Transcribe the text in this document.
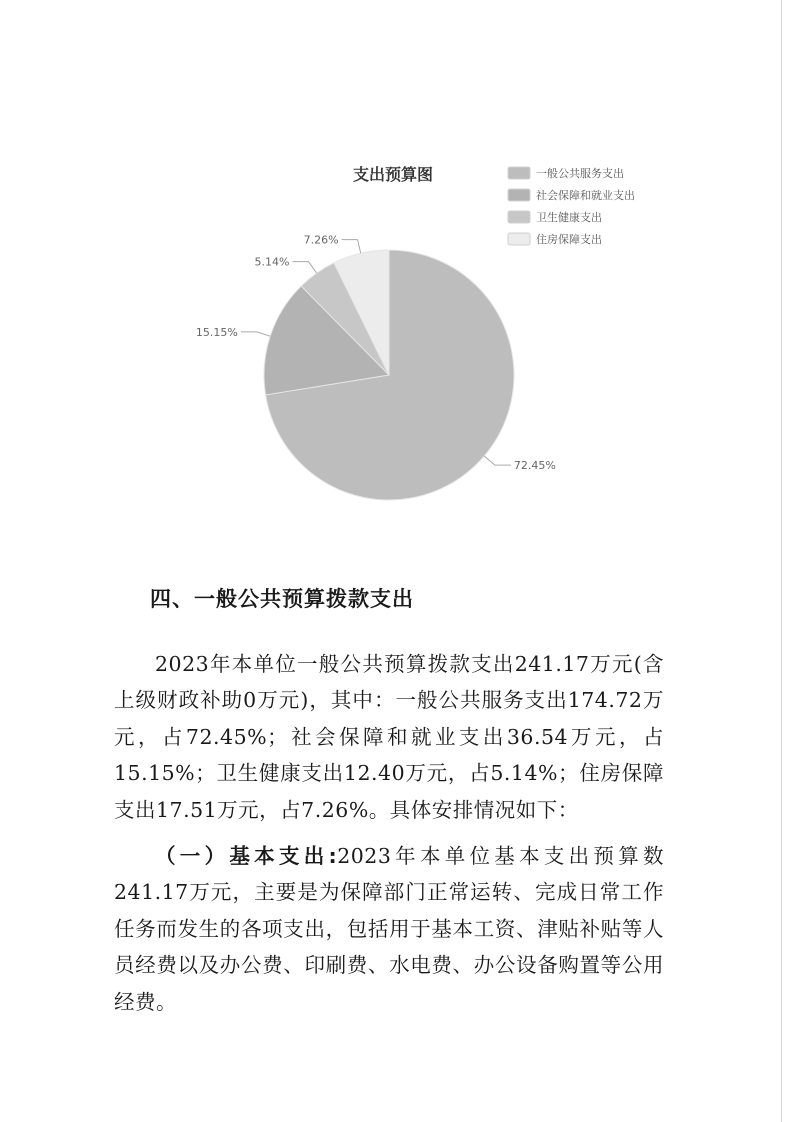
支出预算图
72.45%
15.15%
5.14%
7.26%
一般公共服务支出
社会保障和就业支出
卫生健康支出
住房保障支出
四、一般公共预算拨款支出

2023年本单位一般公共预算拨款支出241.17万元(含上级财政补助0万元)，其中：一般公共服务支出174.72万元，占72.45%；社会保障和就业支出36.54万元，占15.15%；卫生健康支出12.40万元，占5.14%；住房保障支出17.51万元，占7.26%。具体安排情况如下：

（一）基本支出:2023年本单位基本支出预算数241.17万元，主要是为保障部门正常运转、完成日常工作任务而发生的各项支出，包括用于基本工资、津贴补贴等人员经费以及办公费、印刷费、水电费、办公设备购置等公用经费。
